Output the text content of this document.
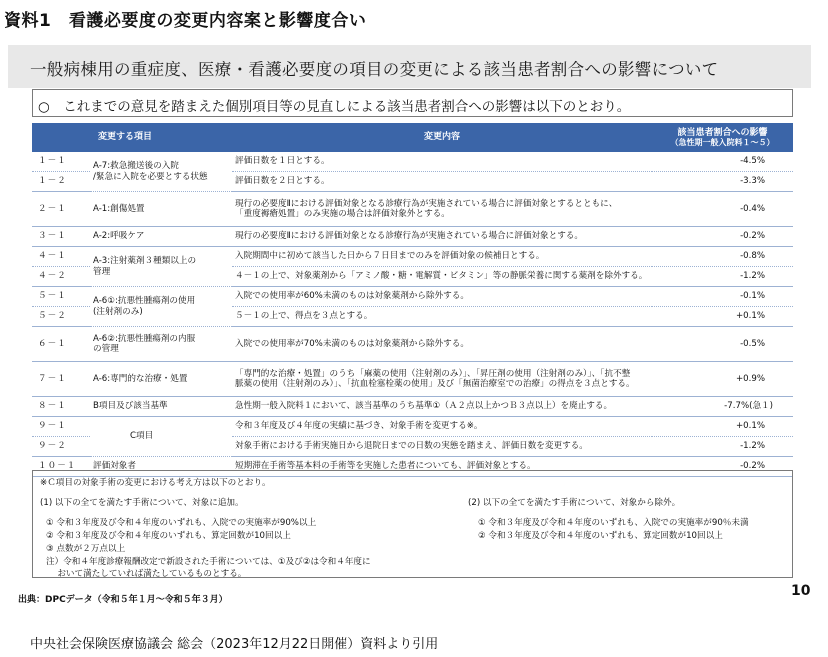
資料1　看護必要度の変更内容案と影響度合い
一般病棟用の重症度、医療・看護必要度の項目の変更による該当患者割合への影響について
○　これまでの意見を踏まえた個別項目等の見直しによる該当患者割合への影響は以下のとおり。
	変更する項目	変更内容	該当患者割合への影響
（急性期一般入院料１～５）

１－１	A-7:救急搬送後の入院
/緊急に入院を必要とする状態	評価日数を１日とする。	-4.5%
１－２		評価日数を２日とする。	-3.3%
２－１	A-1:創傷処置	現行の必要度Ⅱにおける評価対象となる診療行為が実施されている場合に評価対象とするとともに、
「重度褥瘡処置」のみ実施の場合は評価対象外とする。	-0.4%
３－１	A-2:呼吸ケア	現行の必要度Ⅱにおける評価対象となる診療行為が実施されている場合に評価対象とする。	-0.2%
４－１	A-3:注射薬剤３種類以上の
管理	入院期間中に初めて該当した日から７日目までのみを評価対象の候補日とする。	-0.8%
４－２		４－１の上で、対象薬剤から「アミノ酸・糖・電解質・ビタミン」等の静脈栄養に関する薬剤を除外する。	-1.2%
５－１	A-6①:抗悪性腫瘍剤の使用
(注射剤のみ)	入院での使用率が60%未満のものは対象薬剤から除外する。	-0.1%
５－２		５－１の上で、得点を３点とする。	+0.1%
６－１	A-6②:抗悪性腫瘍剤の内服
の管理	入院での使用率が70%未満のものは対象薬剤から除外する。	-0.5%
７－１	A-6:専門的な治療・処置	「専門的な治療・処置」のうち「麻薬の使用（注射剤のみ）」、「昇圧剤の使用（注射剤のみ）」、「抗不整
脈薬の使用（注射剤のみ）」、「抗血栓塞栓薬の使用」及び「無菌治療室での治療」の得点を３点とする。	+0.9%
８－１	B項目及び該当基準	急性期一般入院料１において、該当基準のうち基準①（Ａ２点以上かつＢ３点以上）を廃止する。	-7.7%(急１)
９－１	C項目	令和３年度及び４年度の実績に基づき、対象手術を変更する※。	+0.1%
９－２		対象手術における手術実施日から退院日までの日数の実態を踏まえ、評価日数を変更する。	-1.2%
１０－１	評価対象者	短期滞在手術等基本料の手術等を実施した患者についても、評価対象とする。	-0.2%
※Ｃ項目の対象手術の変更における考え方は以下のとおり。
(1) 以下の全てを満たす手術について、対象に追加。
① 令和３年度及び令和４年度のいずれも、入院での実施率が90%以上
② 令和３年度及び令和４年度のいずれも、算定回数が10回以上
③ 点数が２万点以上
注）令和４年度診療報酬改定で新設された手術については、①及び②は令和４年度に
　 おいて満たしていれば満たしているものとする。
(2) 以下の全てを満たす手術について、対象から除外。
① 令和３年度及び令和４年度のいずれも、入院での実施率が90％未満
② 令和３年度及び令和４年度のいずれも、算定回数が10回以上
出典：DPCデータ（令和５年１月～令和５年３月）
10
中央社会保険医療協議会 総会（2023年12月22日開催）資料より引用
